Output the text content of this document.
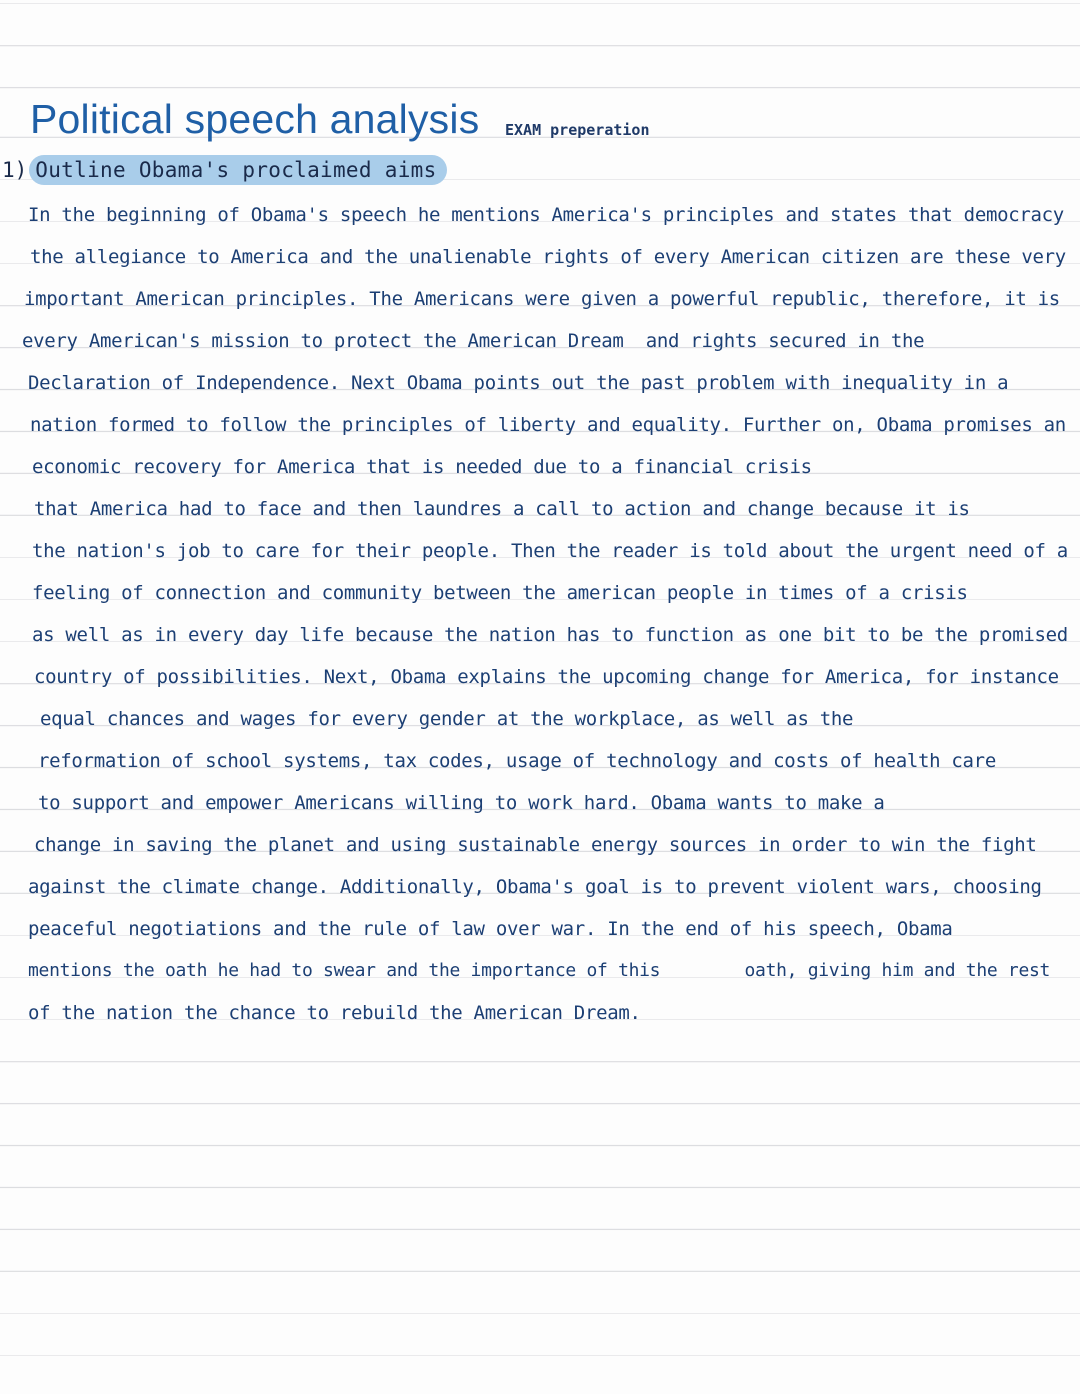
Political speech analysis EXAM preperation
1) Outline Obama's proclaimed aims
In the beginning of Obama's speech he mentions America's principles and states that democracy
the allegiance to America and the unalienable rights of every American citizen are these very
important American principles. The Americans were given a powerful republic, therefore, it is
every American's mission to protect the American Dream  and rights secured in the
Declaration of Independence. Next Obama points out the past problem with inequality in a
nation formed to follow the principles of liberty and equality. Further on, Obama promises an
economic recovery for America that is needed due to a financial crisis
that America had to face and then laundres a call to action and change because it is
the nation's job to care for their people. Then the reader is told about the urgent need of a
feeling of connection and community between the american people in times of a crisis
as well as in every day life because the nation has to function as one bit to be the promised
country of possibilities. Next, Obama explains the upcoming change for America, for instance
equal chances and wages for every gender at the workplace, as well as the
reformation of school systems, tax codes, usage of technology and costs of health care
to support and empower Americans willing to work hard. Obama wants to make a
change in saving the planet and using sustainable energy sources in order to win the fight
against the climate change. Additionally, Obama's goal is to prevent violent wars, choosing
peaceful negotiations and the rule of law over war. In the end of his speech, Obama
mentions the oath he had to swear and the importance of this        oath, giving him and the rest
of the nation the chance to rebuild the American Dream.
